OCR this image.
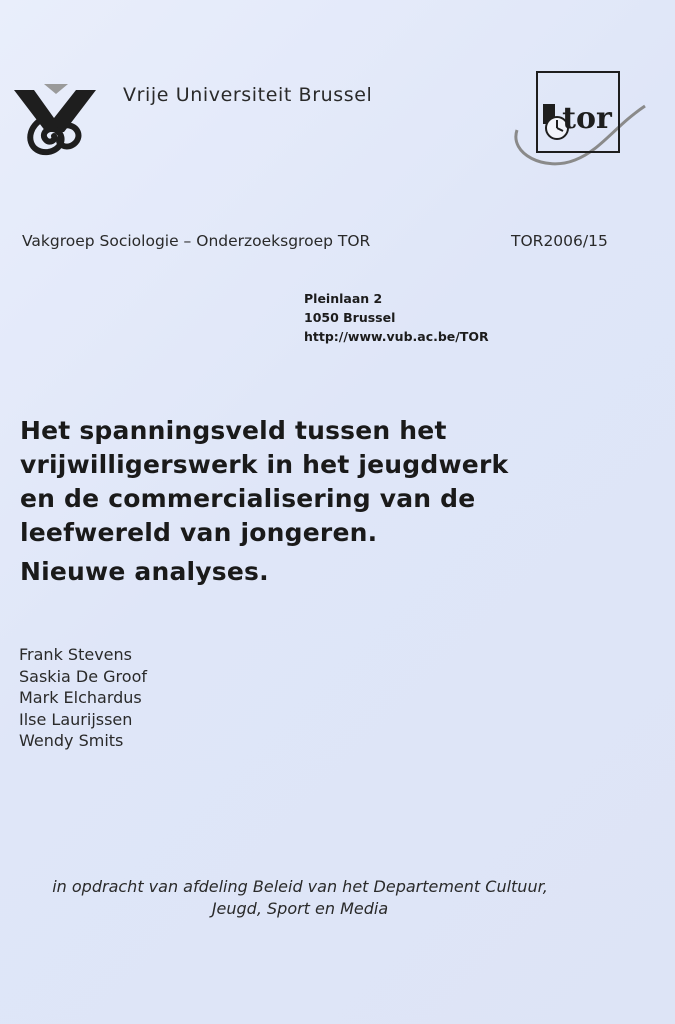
Vrije Universiteit Brussel
tor
Vakgroep Sociologie – Onderzoeksgroep TOR	TOR2006/15
Pleinlaan 2
1050 Brussel
http://www.vub.ac.be/TOR
Het spanningsveld tussen het
vrijwilligerswerk in het jeugdwerk
en de commercialisering van de
leefwereld van jongeren.
Nieuwe analyses.
Frank Stevens
Saskia De Groof
Mark Elchardus
Ilse Laurijssen
Wendy Smits
in opdracht van afdeling Beleid van het Departement Cultuur,
Jeugd, Sport en Media
